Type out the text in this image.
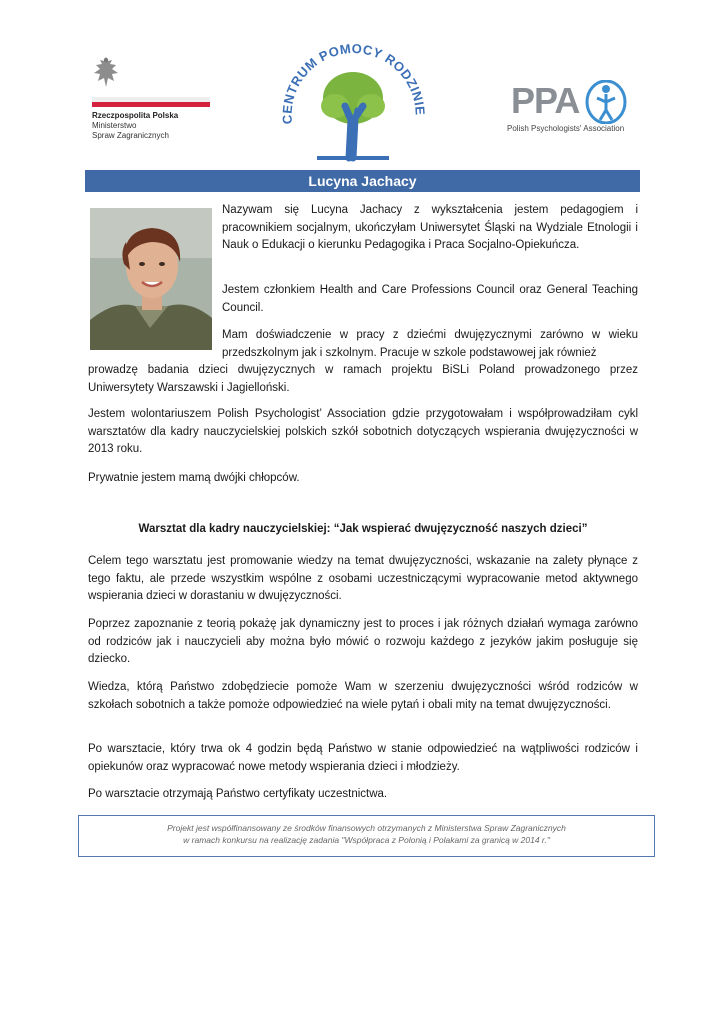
Rzeczpospolita Polska
Ministerstwo
Spraw Zagranicznych
CENTRUM POMOCY RODZINIE PPA
Polish Psychologists' Association
Lucyna Jachacy

Nazywam się Lucyna Jachacy z wykształcenia jestem pedagogiem i pracownikiem socjalnym, ukończyłam Uniwersytet Śląski na Wydziale Etnologii i Nauk o Edukacji o kierunku Pedagogika i Praca Socjalno-Opiekuńcza.

Jestem członkiem Health and Care Professions Council oraz General Teaching Council.

Mam doświadczenie w pracy z dziećmi dwujęzycznymi zarówno w wieku przedszkolnym jak i szkolnym. Pracuje w szkole podstawowej jak również

prowadzę badania dzieci dwujęzycznych w ramach projektu BiSLi Poland prowadzonego przez Uniwersytety Warszawski i Jagielloński.

Jestem wolontariuszem Polish Psychologist’ Association gdzie przygotowałam i współprowadziłam cykl warsztatów dla kadry nauczycielskiej polskich szkół sobotnich dotyczących wspierania dwujęzyczności w 2013 roku.

Prywatnie jestem mamą dwójki chłopców.

Warsztat dla kadry nauczycielskiej: “Jak wspierać dwujęzyczność naszych dzieci”

Celem tego warsztatu jest promowanie wiedzy na temat dwujęzyczności, wskazanie na zalety płynące z tego faktu, ale przede wszystkim wspólne z osobami uczestniczącymi wypracowanie metod aktywnego wspierania dzieci w dorastaniu w dwujęzyczności.

Poprzez zapoznanie z teorią pokażę jak dynamiczny jest to proces i jak różnych działań wymaga zarówno od rodziców jak i nauczycieli aby można było mówić o rozwoju każdego z jezyków jakim posługuje się dziecko.

Wiedza, którą Państwo zdobędziecie pomoże Wam w szerzeniu dwujęzyczności wśród rodziców w szkołach sobotnich a także pomoże odpowiedzieć na wiele pytań i obali mity na temat dwujęzyczności.

Po warsztacie, który trwa ok 4 godzin będą Państwo w stanie odpowiedzieć na wątpliwości rodziców i opiekunów oraz wypracować nowe metody wspierania dzieci i młodzieży.

Po warsztacie otrzymają Państwo certyfikaty uczestnictwa.

Projekt jest współfinansowany ze środków finansowych otrzymanych z Ministerstwa Spraw Zagranicznych

w ramach konkursu na realizację zadania "Współpraca z Polonią i Polakami za granicą w 2014 r."
